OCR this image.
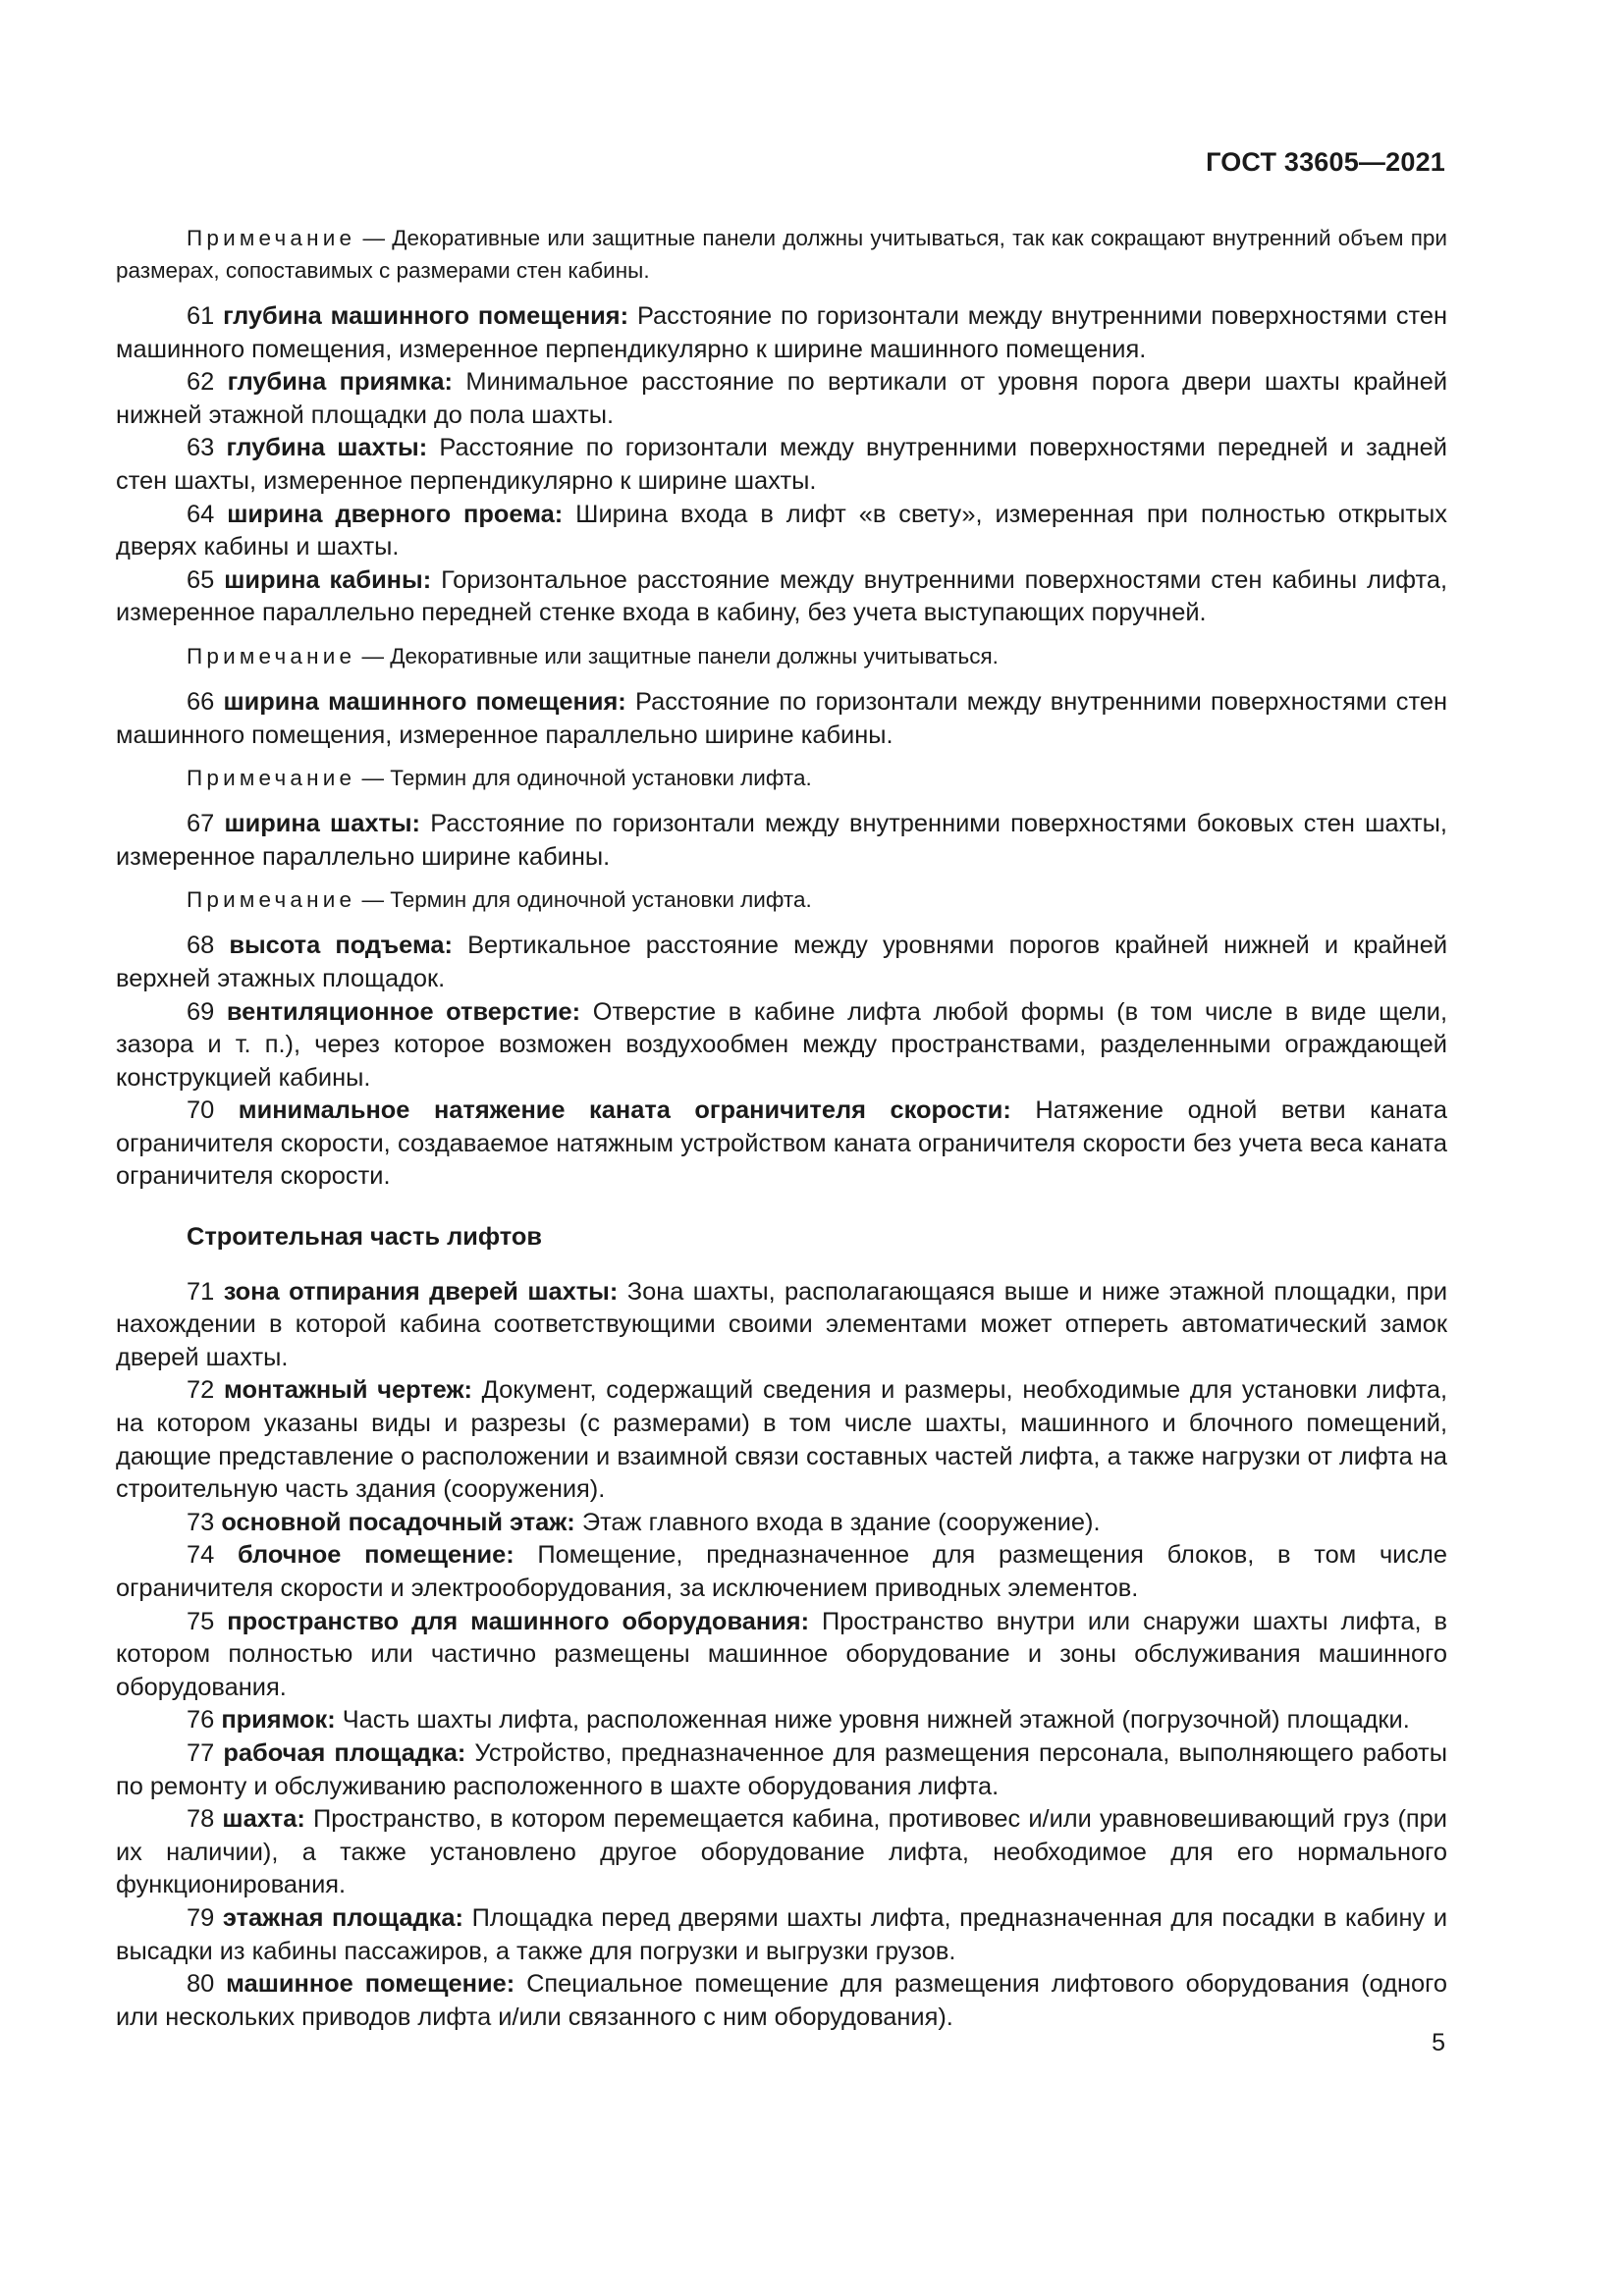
ГОСТ 33605—2021

Примечание — Декоративные или защитные панели должны учитываться, так как сокращают внутренний объем при размерах, сопоставимых с размерами стен кабины.

61 глубина машинного помещения: Расстояние по горизонтали между внутренними поверхностями стен машинного помещения, измеренное перпендикулярно к ширине машинного помещения.

62 глубина приямка: Минимальное расстояние по вертикали от уровня порога двери шахты крайней нижней этажной площадки до пола шахты.

63 глубина шахты: Расстояние по горизонтали между внутренними поверхностями передней и задней стен шахты, измеренное перпендикулярно к ширине шахты.

64 ширина дверного проема: Ширина входа в лифт «в свету», измеренная при полностью открытых дверях кабины и шахты.

65 ширина кабины: Горизонтальное расстояние между внутренними поверхностями стен кабины лифта, измеренное параллельно передней стенке входа в кабину, без учета выступающих поручней.

Примечание — Декоративные или защитные панели должны учитываться.

66 ширина машинного помещения: Расстояние по горизонтали между внутренними поверхностями стен машинного помещения, измеренное параллельно ширине кабины.

Примечание — Термин для одиночной установки лифта.

67 ширина шахты: Расстояние по горизонтали между внутренними поверхностями боковых стен шахты, измеренное параллельно ширине кабины.

Примечание — Термин для одиночной установки лифта.

68 высота подъема: Вертикальное расстояние между уровнями порогов крайней нижней и крайней верхней этажных площадок.

69 вентиляционное отверстие: Отверстие в кабине лифта любой формы (в том числе в виде щели, зазора и т. п.), через которое возможен воздухообмен между пространствами, разделенными ограждающей конструкцией кабины.

70 минимальное натяжение каната ограничителя скорости: Натяжение одной ветви каната ограничителя скорости, создаваемое натяжным устройством каната ограничителя скорости без учета веса каната ограничителя скорости.

Строительная часть лифтов

71 зона отпирания дверей шахты: Зона шахты, располагающаяся выше и ниже этажной площадки, при нахождении в которой кабина соответствующими своими элементами может отпереть автоматический замок дверей шахты.

72 монтажный чертеж: Документ, содержащий сведения и размеры, необходимые для установки лифта, на котором указаны виды и разрезы (с размерами) в том числе шахты, машинного и блочного помещений, дающие представление о расположении и взаимной связи составных частей лифта, а также нагрузки от лифта на строительную часть здания (сооружения).

73 основной посадочный этаж: Этаж главного входа в здание (сооружение).

74 блочное помещение: Помещение, предназначенное для размещения блоков, в том числе ограничителя скорости и электрооборудования, за исключением приводных элементов.

75 пространство для машинного оборудования: Пространство внутри или снаружи шахты лифта, в котором полностью или частично размещены машинное оборудование и зоны обслуживания машинного оборудования.

76 приямок: Часть шахты лифта, расположенная ниже уровня нижней этажной (погрузочной) площадки.

77 рабочая площадка: Устройство, предназначенное для размещения персонала, выполняющего работы по ремонту и обслуживанию расположенного в шахте оборудования лифта.

78 шахта: Пространство, в котором перемещается кабина, противовес и/или уравновешивающий груз (при их наличии), а также установлено другое оборудование лифта, необходимое для его нормального функционирования.

79 этажная площадка: Площадка перед дверями шахты лифта, предназначенная для посадки в кабину и высадки из кабины пассажиров, а также для погрузки и выгрузки грузов.

80 машинное помещение: Специальное помещение для размещения лифтового оборудования (одного или нескольких приводов лифта и/или связанного с ним оборудования).

5
